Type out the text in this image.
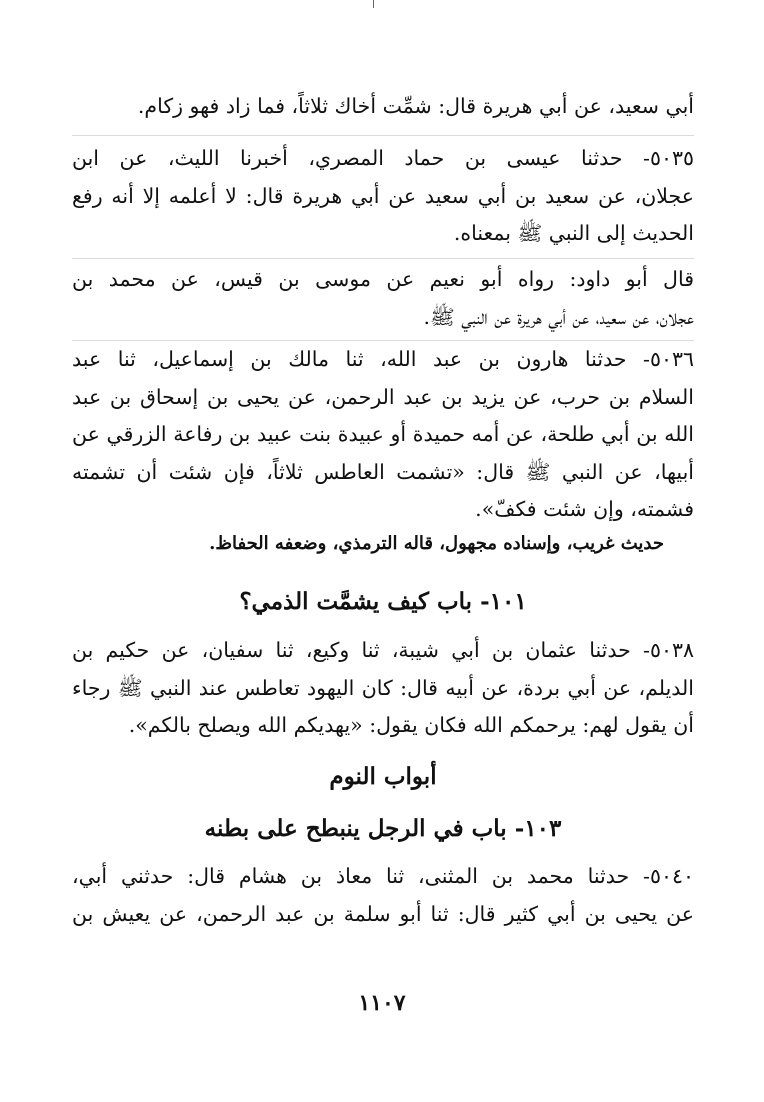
أبي سعيد، عن أبي هريرة قال: شمِّت أخاك ثلاثاً، فما زاد فهو زكام.
٥٠٣٥- حدثنا عيسى بن حماد المصري، أخبرنا الليث، عن ابن
عجلان، عن سعيد بن أبي سعيد عن أبي هريرة قال: لا أعلمه إلا أنه رفع
الحديث إلى النبي ﷺ بمعناه.
قال أبو داود: رواه أبو نعيم عن موسى بن قيس، عن محمد بن
عجلان، عن سعيد، عن أبي هريرة عن النبي ﷺ.
٥٠٣٦- حدثنا هارون بن عبد الله، ثنا مالك بن إسماعيل، ثنا عبد
السلام بن حرب، عن يزيد بن عبد الرحمن، عن يحيى بن إسحاق بن عبد
الله بن أبي طلحة، عن أمه حميدة أو عبيدة بنت عبيد بن رفاعة الزرقي عن
أبيها، عن النبي ﷺ قال: «تشمت العاطس ثلاثاً، فإن شئت أن تشمته
فشمته، وإن شئت فكفّ».
حديث غريب، وإسناده مجهول، قاله الترمذي، وضعفه الحفاظ.
١٠١- باب كيف يشمَّت الذمي؟
٥٠٣٨- حدثنا عثمان بن أبي شيبة، ثنا وكيع، ثنا سفيان، عن حكيم بن
الديلم، عن أبي بردة، عن أبيه قال: كان اليهود تعاطس عند النبي ﷺ رجاء
أن يقول لهم: يرحمكم الله فكان يقول: «يهديكم الله ويصلح بالكم».
أبواب النوم
١٠٣- باب في الرجل ينبطح على بطنه
٥٠٤٠- حدثنا محمد بن المثنى، ثنا معاذ بن هشام قال: حدثني أبي،
عن يحيى بن أبي كثير قال: ثنا أبو سلمة بن عبد الرحمن، عن يعيش بن
١١٠٧
